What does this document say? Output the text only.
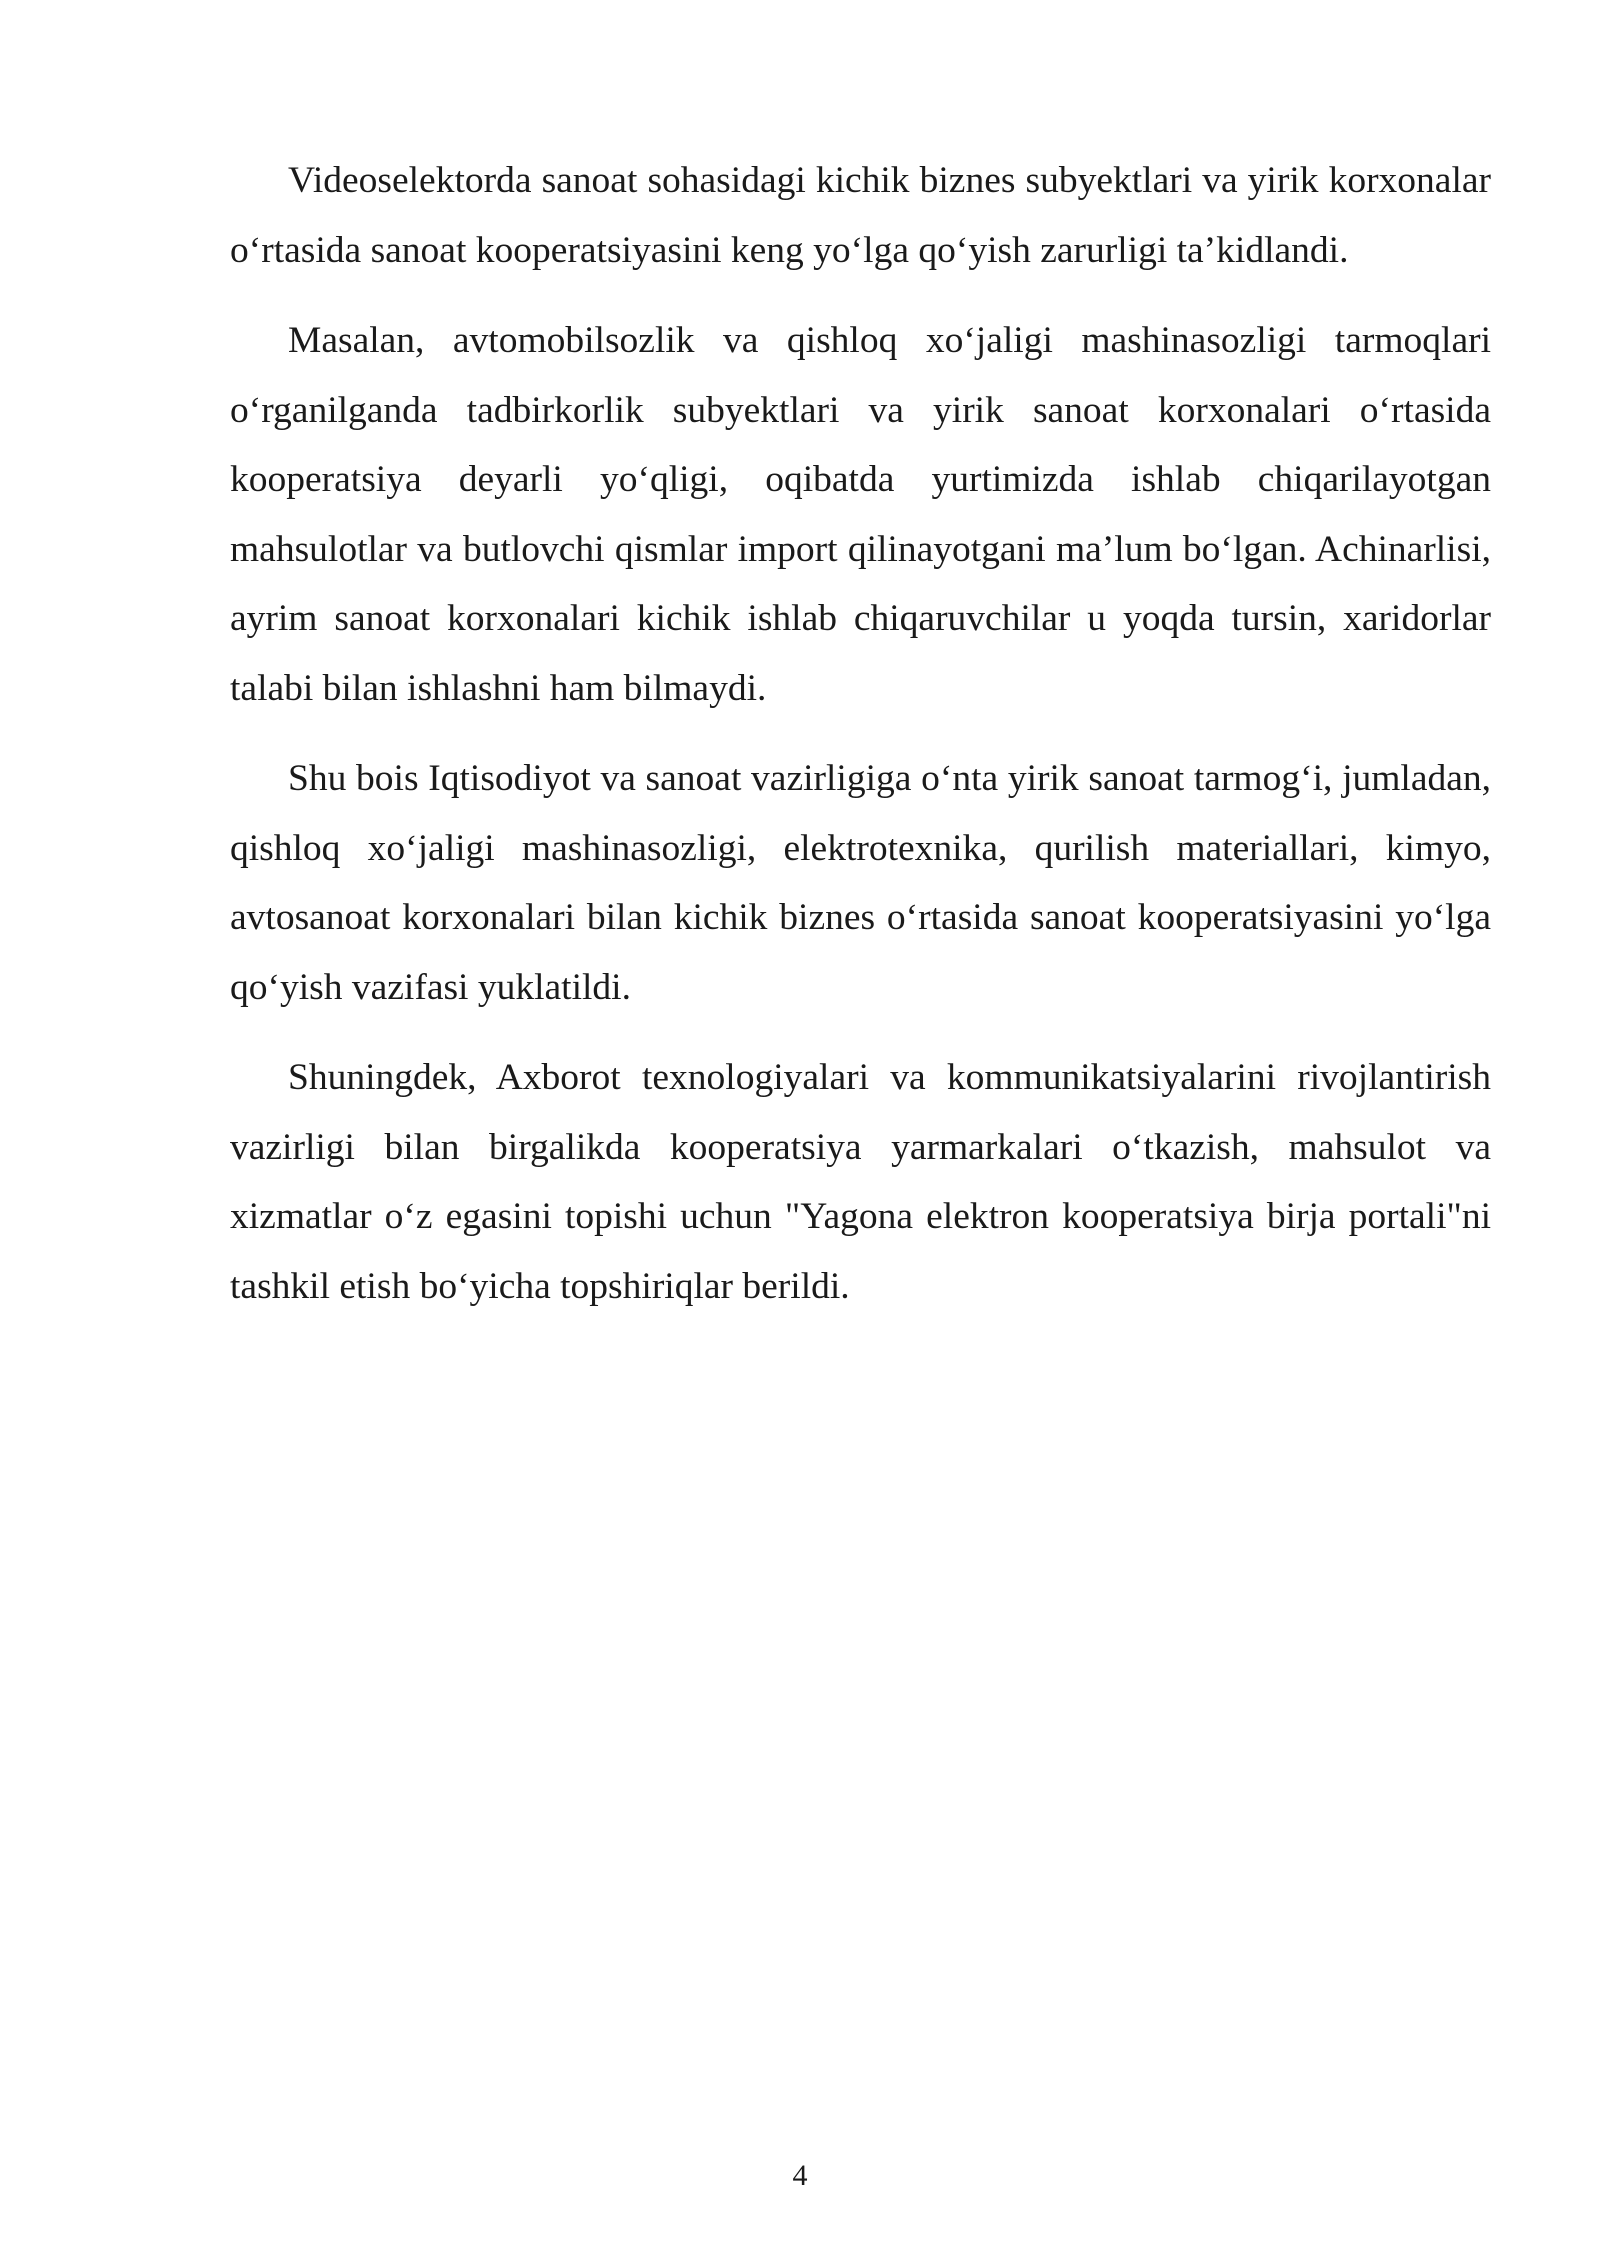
Videoselektorda sanoat sohasidagi kichik biznes subyektlari va yirik korxonalar o‘rtasida sanoat kooperatsiyasini keng yo‘lga qo‘yish zarurligi ta’kidlandi.

Masalan, avtomobilsozlik va qishloq xo‘jaligi mashinasozligi tarmoqlari o‘rganilganda tadbirkorlik subyektlari va yirik sanoat korxonalari o‘rtasida kooperatsiya deyarli yo‘qligi, oqibatda yurtimizda ishlab chiqarilayotgan mahsulotlar va butlovchi qismlar import qilinayotgani ma’lum bo‘lgan. Achinarlisi, ayrim sanoat korxonalari kichik ishlab chiqaruvchilar u yoqda tursin, xaridorlar talabi bilan ishlashni ham bilmaydi.

Shu bois Iqtisodiyot va sanoat vazirligiga o‘nta yirik sanoat tarmog‘i, jumladan, qishloq xo‘jaligi mashinasozligi, elektrotexnika, qurilish materiallari, kimyo, avtosanoat korxonalari bilan kichik biznes o‘rtasida sanoat kooperatsiyasini yo‘lga qo‘yish vazifasi yuklatildi.

Shuningdek, Axborot texnologiyalari va kommunikatsiyalarini rivojlantirish vazirligi bilan birgalikda kooperatsiya yarmarkalari o‘tkazish, mahsulot va xizmatlar o‘z egasini topishi uchun "Yagona elektron kooperatsiya birja portali"ni tashkil etish bo‘yicha topshiriqlar berildi.

4
